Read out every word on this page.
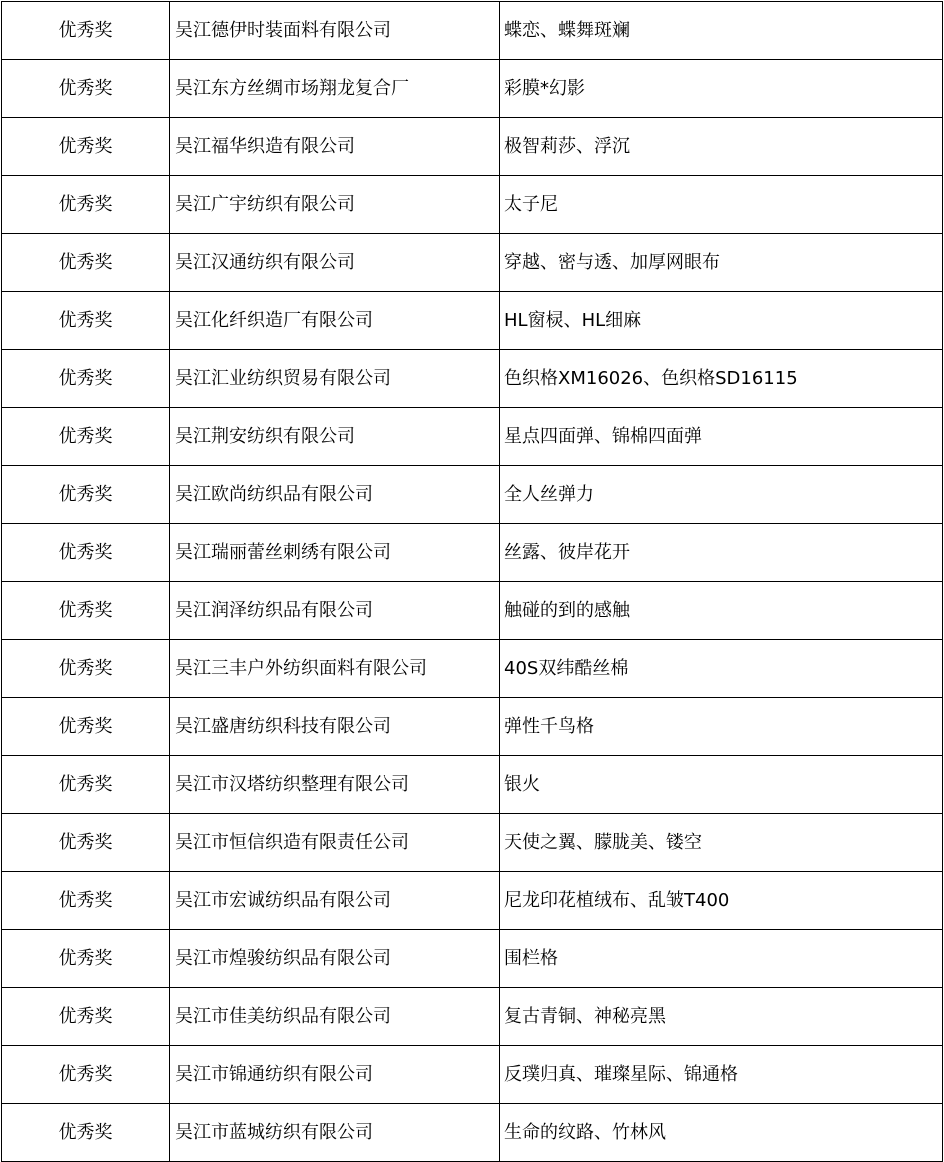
优秀奖	吴江德伊时装面料有限公司	蝶恋、蝶舞斑斓
优秀奖	吴江东方丝绸市场翔龙复合厂	彩膜*幻影
优秀奖	吴江福华织造有限公司	极智莉莎、浮沉
优秀奖	吴江广宇纺织有限公司	太子尼
优秀奖	吴江汉通纺织有限公司	穿越、密与透、加厚网眼布
优秀奖	吴江化纤织造厂有限公司	HL窗棂、HL细麻
优秀奖	吴江汇业纺织贸易有限公司	色织格XM16026、色织格SD16115
优秀奖	吴江荆安纺织有限公司	星点四面弹、锦棉四面弹
优秀奖	吴江欧尚纺织品有限公司	全人丝弹力
优秀奖	吴江瑞丽蕾丝刺绣有限公司	丝露、彼岸花开
优秀奖	吴江润泽纺织品有限公司	触碰的到的感触
优秀奖	吴江三丰户外纺织面料有限公司	40S双纬酷丝棉
优秀奖	吴江盛唐纺织科技有限公司	弹性千鸟格
优秀奖	吴江市汉塔纺织整理有限公司	银火
优秀奖	吴江市恒信织造有限责任公司	天使之翼、朦胧美、镂空
优秀奖	吴江市宏诚纺织品有限公司	尼龙印花植绒布、乱皱T400
优秀奖	吴江市煌骏纺织品有限公司	围栏格
优秀奖	吴江市佳美纺织品有限公司	复古青铜、神秘亮黑
优秀奖	吴江市锦通纺织有限公司	反璞归真、璀璨星际、锦通格
优秀奖	吴江市蓝城纺织有限公司	生命的纹路、竹林风
